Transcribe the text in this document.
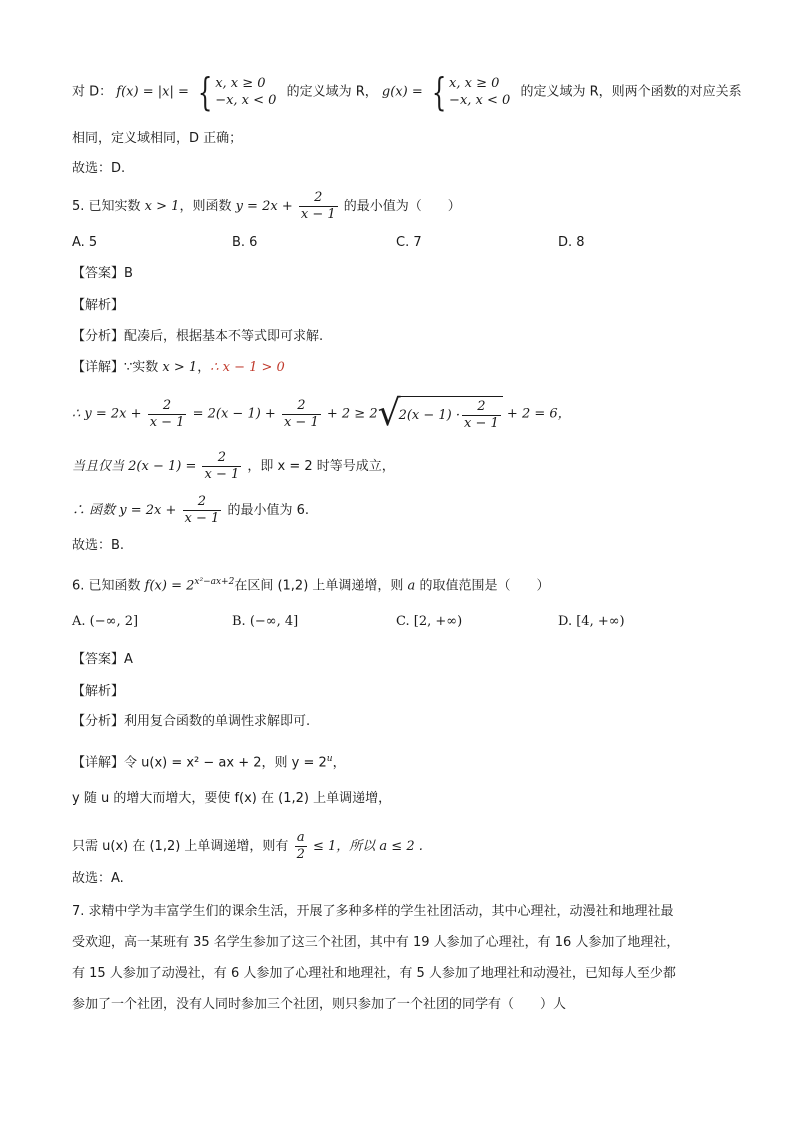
对 D： f(x) = |x| = { x, x ≥ 0
−x, x < 0 的定义域为 R， g(x) = { x, x ≥ 0
−x, x < 0 的定义域为 R，则两个函数的对应关系
相同，定义域相同，D 正确；
故选：D.
5. 已知实数 x > 1，则函数 $y = 2x + \frac{2}{x - 1}$ 的最小值为（　　）
A. 5	B. 6	C. 7	D. 8
【答案】B
【解析】
【分析】配凑后，根据基本不等式即可求解.
【详解】∵实数 x > 1，∴ x − 1 > 0
∴ $y = 2x + \frac{2}{x - 1} = 2(x - 1) + \frac{2}{x - 1} + 2 \ge 2√2(x - 1) \cdot \frac{2}{x - 1} + 2 = 6$，
当且仅当 $2(x - 1) = \frac{2}{x - 1}$ ，即 x = 2 时等号成立，
∴ 函数 $y = 2x + \frac{2}{x - 1}$ 的最小值为 6.
故选：B.
6. 已知函数 $f(x) = 2^{x^2-ax+2}$在区间 (1,2) 上单调递增，则 a 的取值范围是（　　）
A. (−∞, 2]	B. (−∞, 4]	C. [2, +∞)	D. [4, +∞)
【答案】A
【解析】
【分析】利用复合函数的单调性求解即可.
【详解】令 u(x) = x² − ax + 2，则 $y = 2^u$，
y 随 u 的增大而增大，要使 f(x) 在 (1,2) 上单调递增，
只需 u(x) 在 (1,2) 上单调递增，则有 $\frac{a}{2} \le 1$，所以 a ≤ 2 .
故选：A.
7. 求精中学为丰富学生们的课余生活，开展了多种多样的学生社团活动，其中心理社，动漫社和地理社最
受欢迎，高一某班有 35 名学生参加了这三个社团，其中有 19 人参加了心理社，有 16 人参加了地理社，
有 15 人参加了动漫社，有 6 人参加了心理社和地理社，有 5 人参加了地理社和动漫社，已知每人至少都
参加了一个社团，没有人同时参加三个社团，则只参加了一个社团的同学有（　　）人
